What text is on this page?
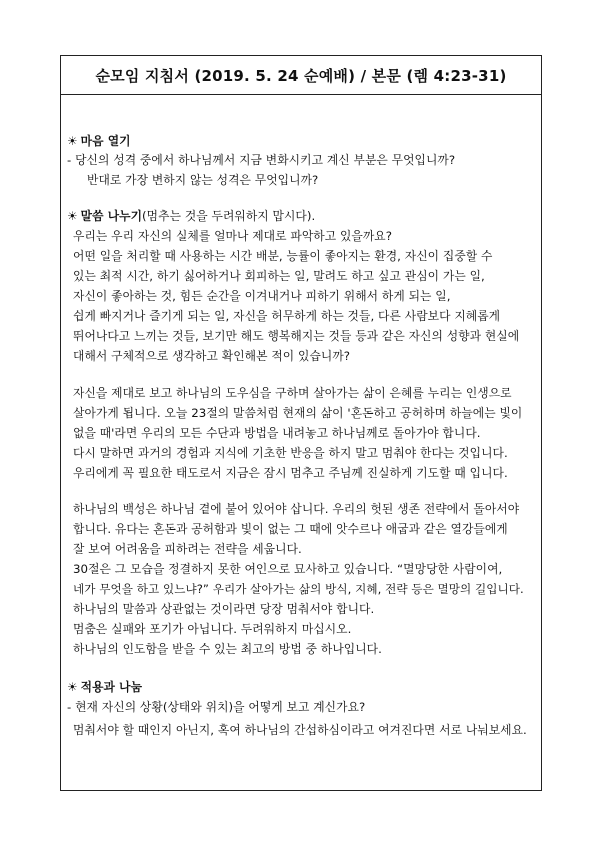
순모임 지침서 (2019. 5. 24 순예배) / 본문 (렘 4:23-31)
☀ 마음 열기
- 당신의 성격 중에서 하나님께서 지금 변화시키고 계신 부분은 무엇입니까?
반대로 가장 변하지 않는 성격은 무엇입니까?
☀ 말씀 나누기(멈추는 것을 두려워하지 맙시다).
우리는 우리 자신의 실체를 얼마나 제대로 파악하고 있을까요?
어떤 일을 처리할 때 사용하는 시간 배분, 능률이 좋아지는 환경, 자신이 집중할 수
있는 최적 시간, 하기 싫어하거나 회피하는 일, 말려도 하고 싶고 관심이 가는 일,
자신이 좋아하는 것, 힘든 순간을 이겨내거나 피하기 위해서 하게 되는 일,
쉽게 빠지거나 즐기게 되는 일, 자신을 허무하게 하는 것들, 다른 사람보다 지혜롭게
뛰어나다고 느끼는 것들, 보기만 해도 행복해지는 것들 등과 같은 자신의 성향과 현실에
대해서 구체적으로 생각하고 확인해본 적이 있습니까?
자신을 제대로 보고 하나님의 도우심을 구하며 살아가는 삶이 은혜를 누리는 인생으로
살아가게 됩니다. 오늘 23절의 말씀처럼 현재의 삶이 '혼돈하고 공허하며 하늘에는 빛이
없을 때'라면 우리의 모든 수단과 방법을 내려놓고 하나님께로 돌아가야 합니다.
다시 말하면 과거의 경험과 지식에 기초한 반응을 하지 말고 멈춰야 한다는 것입니다.
우리에게 꼭 필요한 태도로서 지금은 잠시 멈추고 주님께 진실하게 기도할 때 입니다.
하나님의 백성은 하나님 곁에 붙어 있어야 삽니다. 우리의 헛된 생존 전략에서 돌아서야
합니다. 유다는 혼돈과 공허함과 빛이 없는 그 때에 앗수르나 애굽과 같은 열강들에게
잘 보여 어려움을 피하려는 전략을 세웁니다.
30절은 그 모습을 정결하지 못한 여인으로 묘사하고 있습니다. “멸망당한 사람이여,
네가 무엇을 하고 있느냐?” 우리가 살아가는 삶의 방식, 지혜, 전략 등은 멸망의 길입니다.
하나님의 말씀과 상관없는 것이라면 당장 멈춰서야 합니다.
멈춤은 실패와 포기가 아닙니다. 두려워하지 마십시오.
하나님의 인도함을 받을 수 있는 최고의 방법 중 하나입니다.
☀ 적용과 나눔
- 현재 자신의 상황(상태와 위치)을 어떻게 보고 계신가요?
멈춰서야 할 때인지 아닌지, 혹여 하나님의 간섭하심이라고 여겨진다면 서로 나눠보세요.
